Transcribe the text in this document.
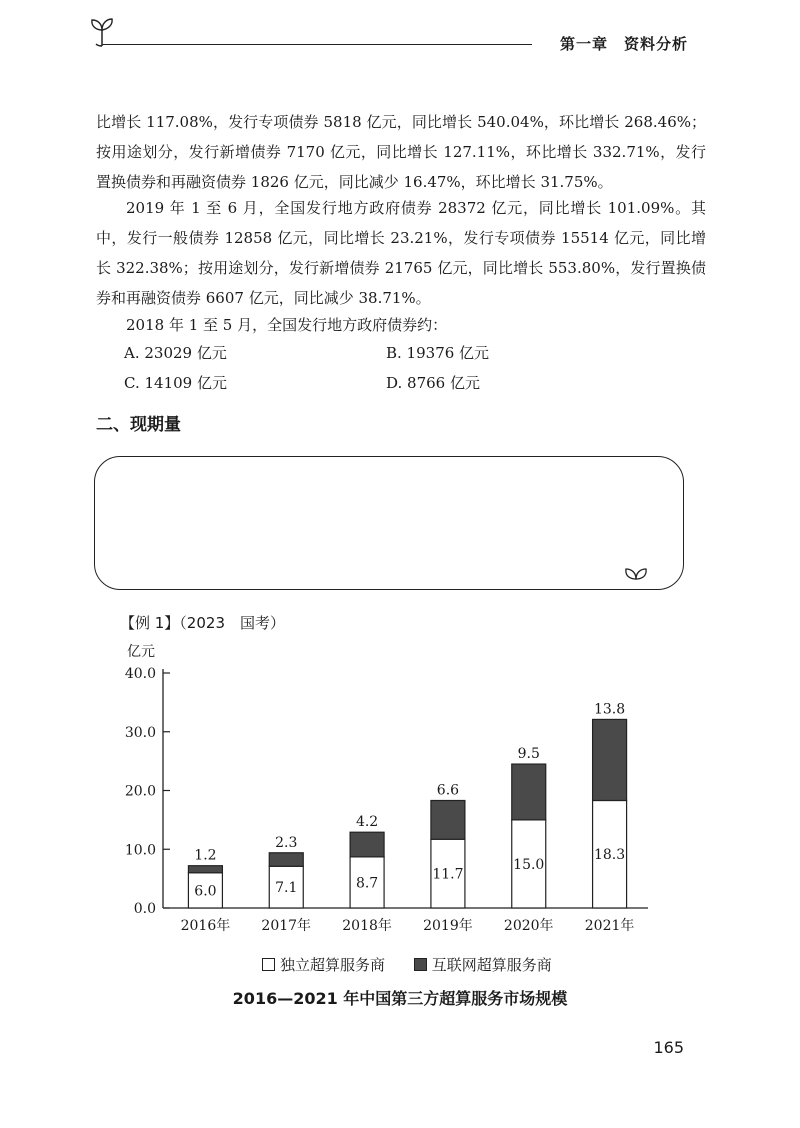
第一章　资料分析

比增长 117.08%，发行专项债券 5818 亿元，同比增长 540.04%，环比增长 268.46%；按用途划分，发行新增债券 7170 亿元，同比增长 127.11%，环比增长 332.71%，发行置换债券和再融资债券 1826 亿元，同比减少 16.47%，环比增长 31.75%。

2019 年 1 至 6 月，全国发行地方政府债券 28372 亿元，同比增长 101.09%。其中，发行一般债券 12858 亿元，同比增长 23.21%，发行专项债券 15514 亿元，同比增长 322.38%；按用途划分，发行新增债券 21765 亿元，同比增长 553.80%，发行置换债券和再融资债券 6607 亿元，同比减少 38.71%。

2018 年 1 至 5 月，全国发行地方政府债券约：

A. 23029 亿元	B. 19376 亿元
C. 14109 亿元	D. 8766 亿元
二、现期量
【例 1】（2023　国考）
亿元
0.0
10.0
20.0
30.0
40.0
6.0
1.2
2016年
7.1
2.3
2017年
8.7
4.2
2018年
11.7
6.6
2019年
15.0
9.5
2020年
18.3
13.8
2021年
独立超算服务商	互联网超算服务商
2016—2021 年中国第三方超算服务市场规模
165
